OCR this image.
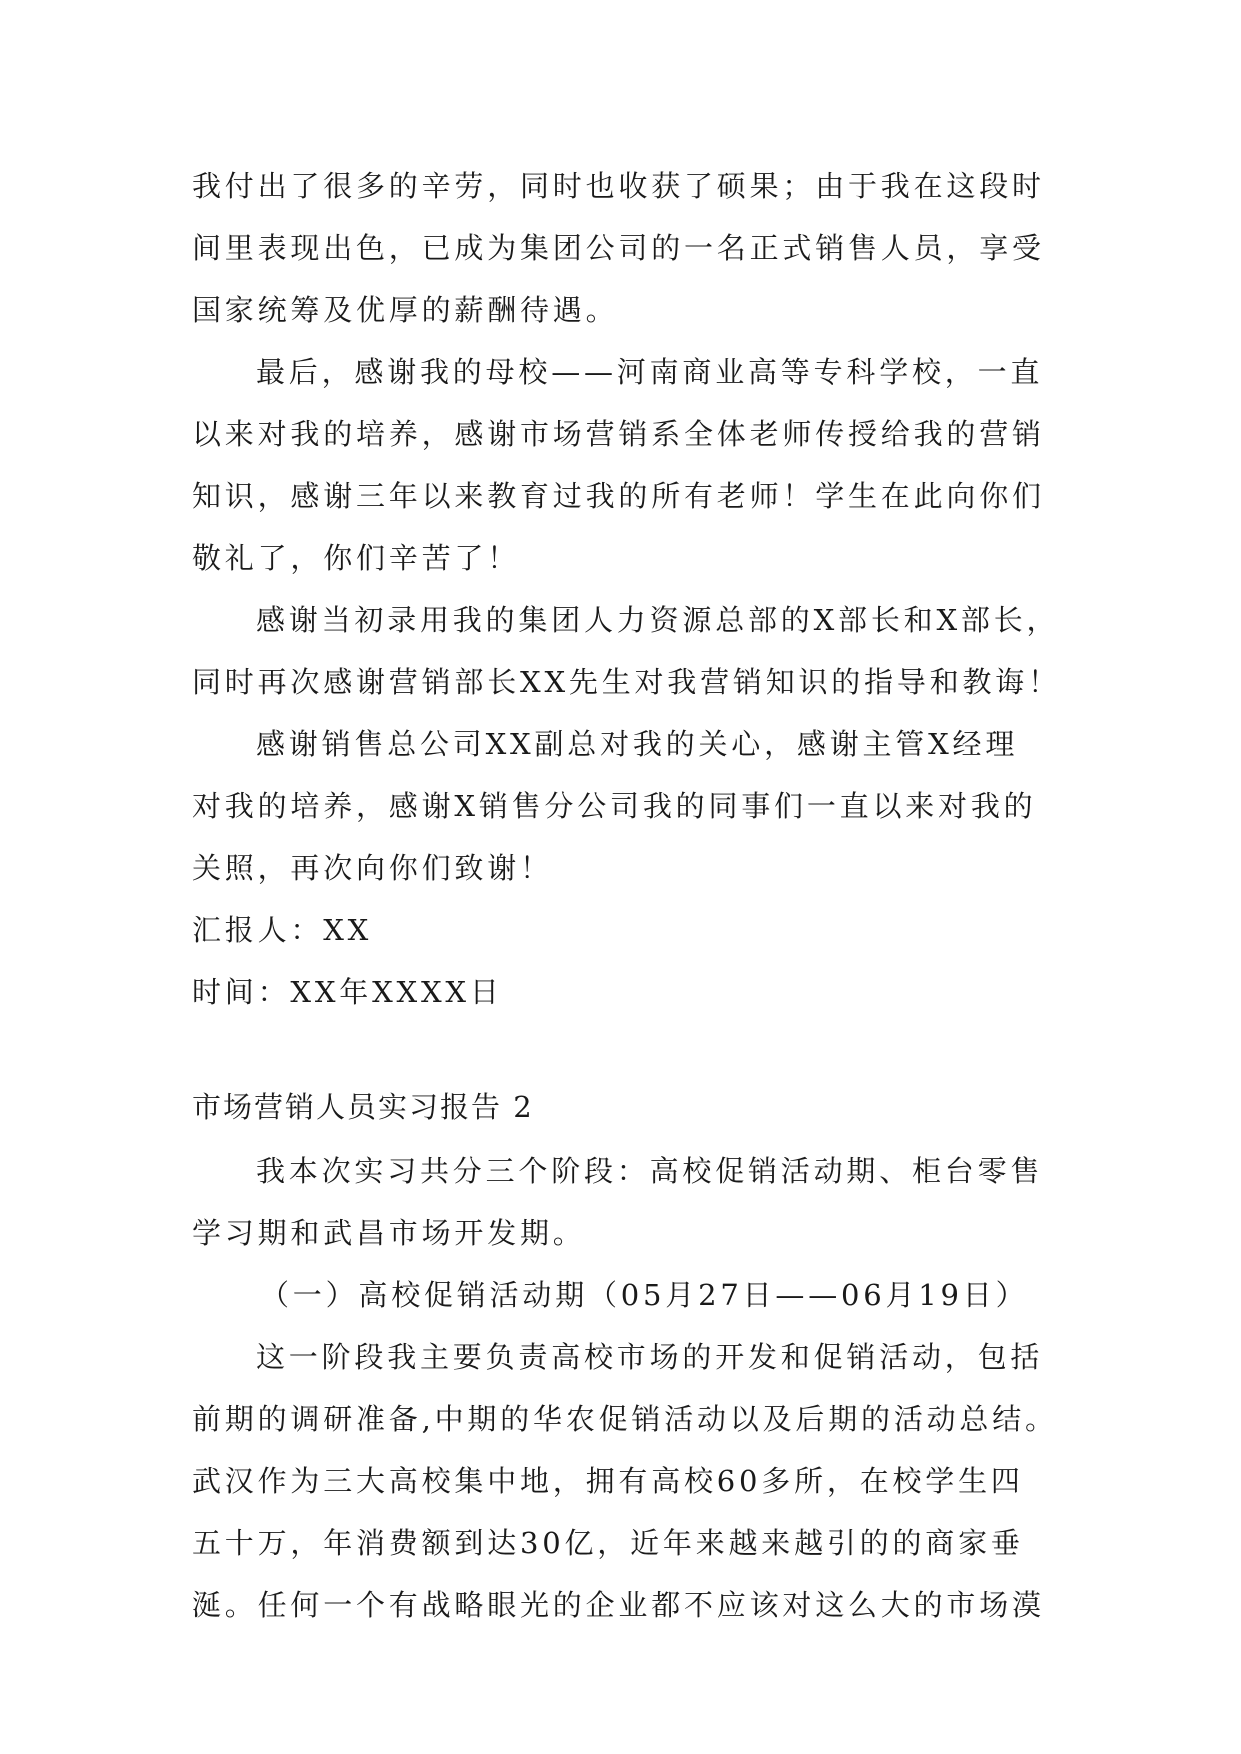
我付出了很多的辛劳，同时也收获了硕果；由于我在这段时

间里表现出色，已成为集团公司的一名正式销售人员，享受

国家统筹及优厚的薪酬待遇。

最后，感谢我的母校——河南商业高等专科学校，一直

以来对我的培养，感谢市场营销系全体老师传授给我的营销

知识，感谢三年以来教育过我的所有老师！学生在此向你们

敬礼了，你们辛苦了！

感谢当初录用我的集团人力资源总部的X部长和X部长，

同时再次感谢营销部长XX先生对我营销知识的指导和教诲！

感谢销售总公司XX副总对我的关心，感谢主管X经理

对我的培养，感谢X销售分公司我的同事们一直以来对我的

关照，再次向你们致谢！

汇报人：XX

时间：XX年XXXX日

市场营销人员实习报告 2

我本次实习共分三个阶段：高校促销活动期、柜台零售

学习期和武昌市场开发期。

（一）高校促销活动期（05月27日——06月19日）

这一阶段我主要负责高校市场的开发和促销活动，包括

前期的调研准备,中期的华农促销活动以及后期的活动总结。

武汉作为三大高校集中地，拥有高校60多所，在校学生四

五十万，年消费额到达30亿，近年来越来越引的的商家垂

涎。任何一个有战略眼光的企业都不应该对这么大的市场漠
